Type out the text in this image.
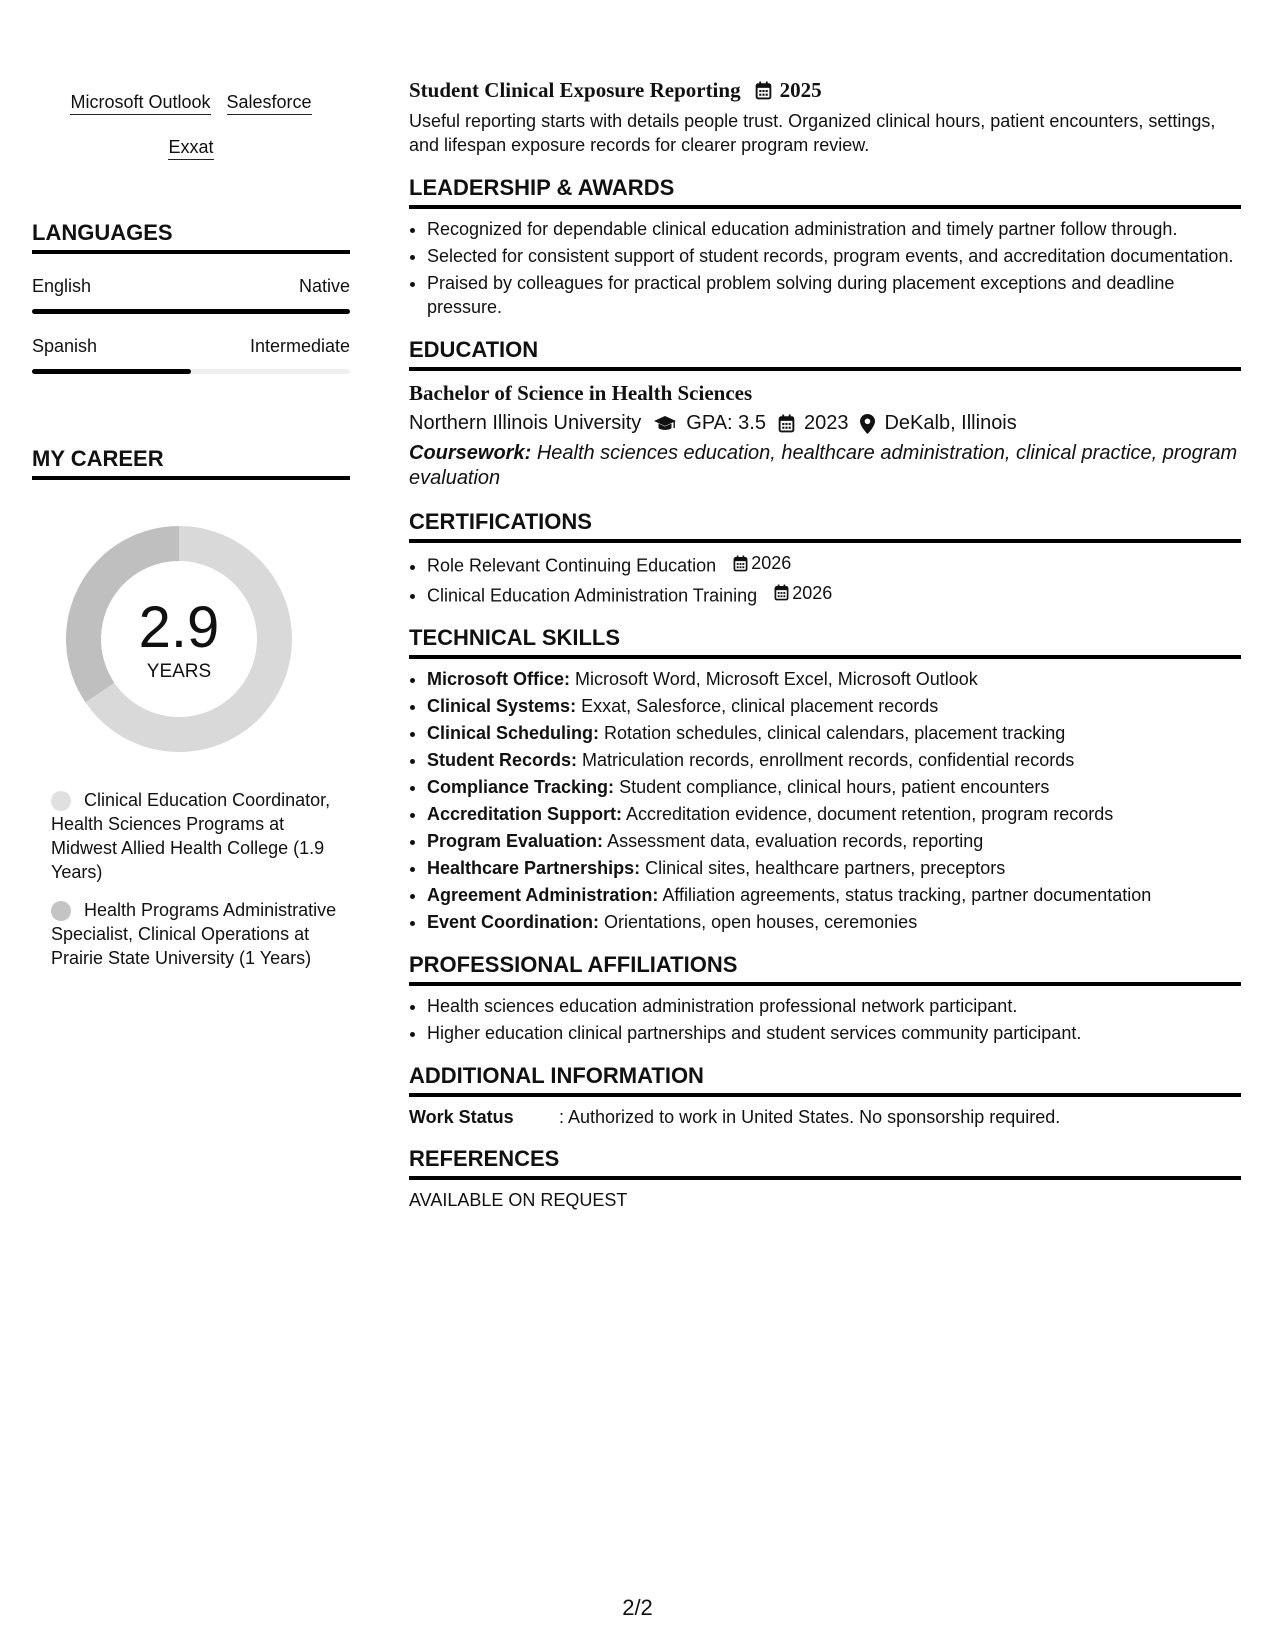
Microsoft Outlook Salesforce
Exxat
LANGUAGES
English	Native
Spanish	Intermediate
MY CAREER
2.9
YEARS
Clinical Education Coordinator, Health Sciences Programs at Midwest Allied Health College (1.9 Years)
Health Programs Administrative Specialist, Clinical Operations at Prairie State University (1 Years)
Student Clinical Exposure Reporting 2025
Useful reporting starts with details people trust. Organized clinical hours, patient encounters, settings, and lifespan exposure records for clearer program review.
LEADERSHIP & AWARDS
• Recognized for dependable clinical education administration and timely partner follow through.
• Selected for consistent support of student records, program events, and accreditation documentation.
• Praised by colleagues for practical problem solving during placement exceptions and deadline pressure.
EDUCATION
Bachelor of Science in Health Sciences
Northern Illinois University GPA: 3.5 2023 DeKalb, Illinois
Coursework: Health sciences education, healthcare administration, clinical practice, program evaluation
CERTIFICATIONS
• Role Relevant Continuing Education 2026
• Clinical Education Administration Training 2026
TECHNICAL SKILLS
• Microsoft Office: Microsoft Word, Microsoft Excel, Microsoft Outlook
• Clinical Systems: Exxat, Salesforce, clinical placement records
• Clinical Scheduling: Rotation schedules, clinical calendars, placement tracking
• Student Records: Matriculation records, enrollment records, confidential records
• Compliance Tracking: Student compliance, clinical hours, patient encounters
• Accreditation Support: Accreditation evidence, document retention, program records
• Program Evaluation: Assessment data, evaluation records, reporting
• Healthcare Partnerships: Clinical sites, healthcare partners, preceptors
• Agreement Administration: Affiliation agreements, status tracking, partner documentation
• Event Coordination: Orientations, open houses, ceremonies
PROFESSIONAL AFFILIATIONS
• Health sciences education administration professional network participant.
• Higher education clinical partnerships and student services community participant.
ADDITIONAL INFORMATION
Work Status	: Authorized to work in United States. No sponsorship required.
REFERENCES
AVAILABLE ON REQUEST
2/2
